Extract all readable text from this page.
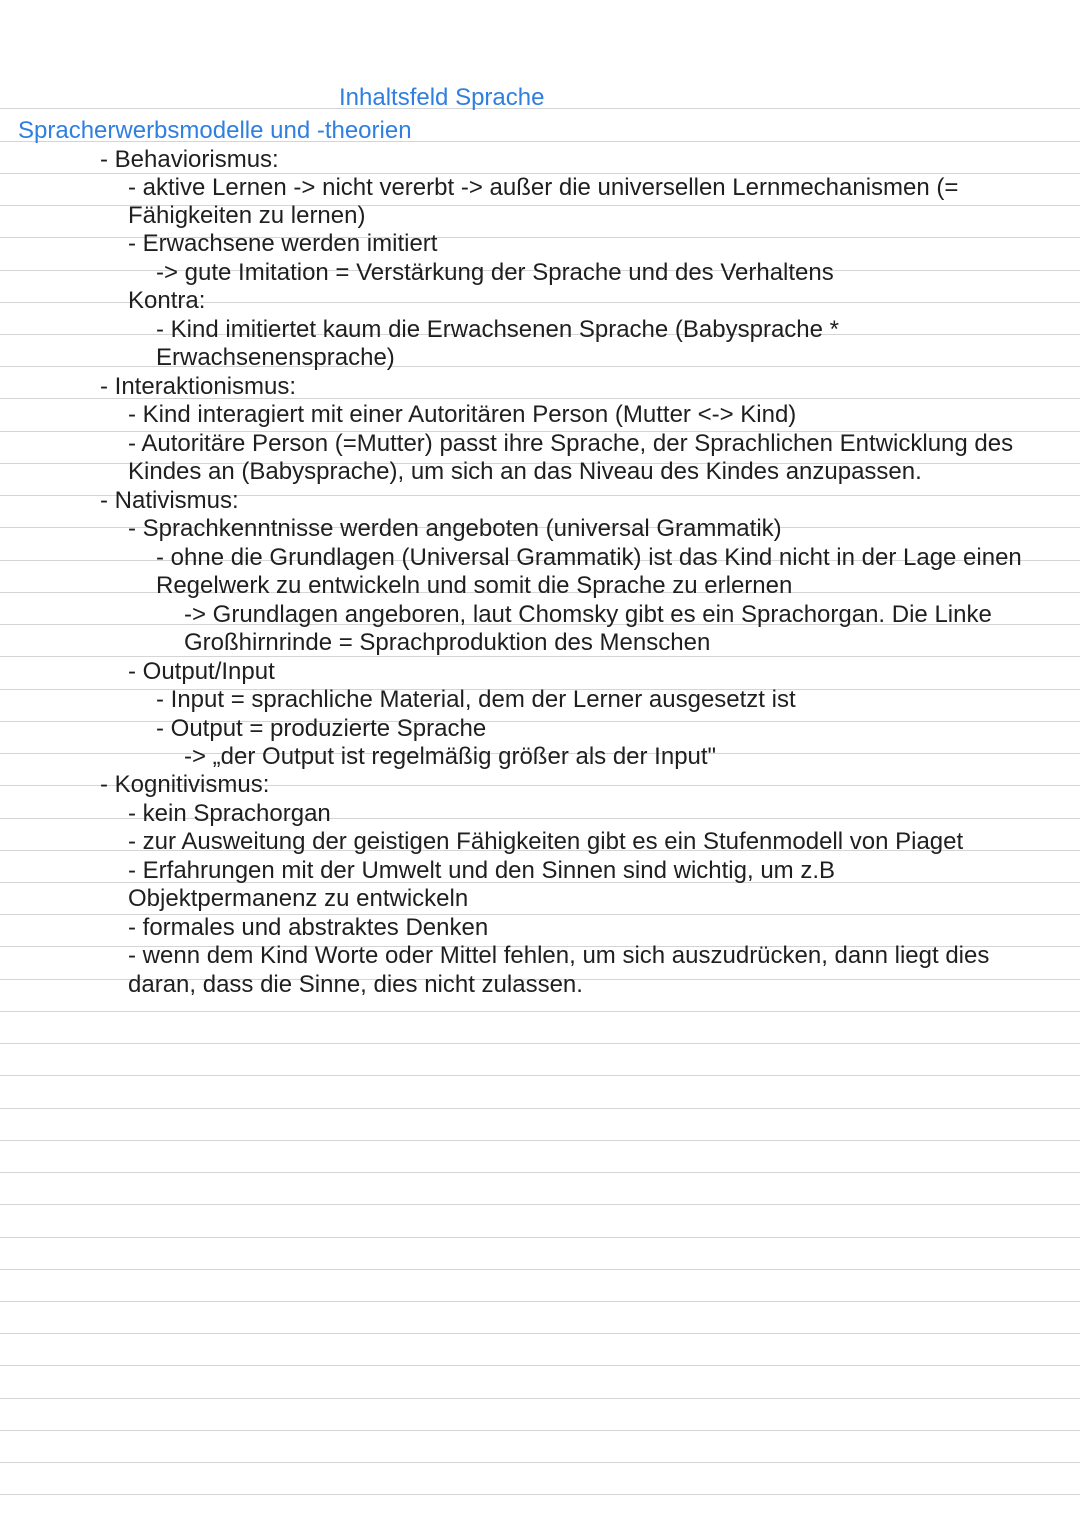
Inhaltsfeld Sprache
Spracherwerbsmodelle und -theorien
- Behaviorismus:
- aktive Lernen -> nicht vererbt -> außer die universellen Lernmechanismen (=
Fähigkeiten zu lernen)
- Erwachsene werden imitiert
-> gute Imitation = Verstärkung der Sprache und des Verhaltens
Kontra:
- Kind imitiertet kaum die Erwachsenen Sprache (Babysprache *
Erwachsenensprache)
- Interaktionismus:
- Kind interagiert mit einer Autoritären Person (Mutter <-> Kind)
- Autoritäre Person (=Mutter) passt ihre Sprache, der Sprachlichen Entwicklung des
Kindes an (Babysprache), um sich an das Niveau des Kindes anzupassen.
- Nativismus:
- Sprachkenntnisse werden angeboten (universal Grammatik)
- ohne die Grundlagen (Universal Grammatik) ist das Kind nicht in der Lage einen
Regelwerk zu entwickeln und somit die Sprache zu erlernen
-> Grundlagen angeboren, laut Chomsky gibt es ein Sprachorgan. Die Linke
Großhirnrinde = Sprachproduktion des Menschen
- Output/Input
- Input = sprachliche Material, dem der Lerner ausgesetzt ist
- Output = produzierte Sprache
-> „der Output ist regelmäßig größer als der Input"
- Kognitivismus:
- kein Sprachorgan
- zur Ausweitung der geistigen Fähigkeiten gibt es ein Stufenmodell von Piaget
- Erfahrungen mit der Umwelt und den Sinnen sind wichtig, um z.B
Objektpermanenz zu entwickeln
- formales und abstraktes Denken
- wenn dem Kind Worte oder Mittel fehlen, um sich auszudrücken, dann liegt dies
daran, dass die Sinne, dies nicht zulassen.
